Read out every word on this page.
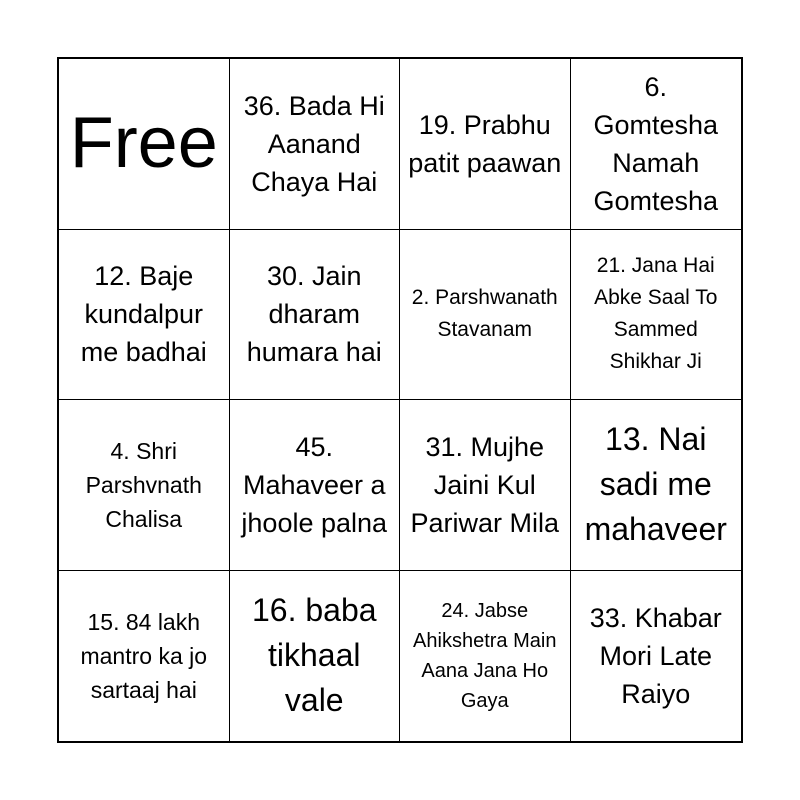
Free 36. Bada Hi Aanand Chaya Hai
19. Prabhu patit paawan
6. Gomtesha Namah Gomtesha
12. Baje kundalpur me badhai
30. Jain dharam humara hai
2. Parshwanath Stavanam
21. Jana Hai Abke Saal To Sammed Shikhar Ji
4. Shri Parshvnath Chalisa
45. Mahaveer a jhoole palna
31. Mujhe Jaini Kul Pariwar Mila
13. Nai sadi me mahaveer
15. 84 lakh mantro ka jo sartaaj hai
16. baba tikhaal vale
24. Jabse Ahikshetra Main Aana Jana Ho Gaya
33. Khabar Mori Late Raiyo
